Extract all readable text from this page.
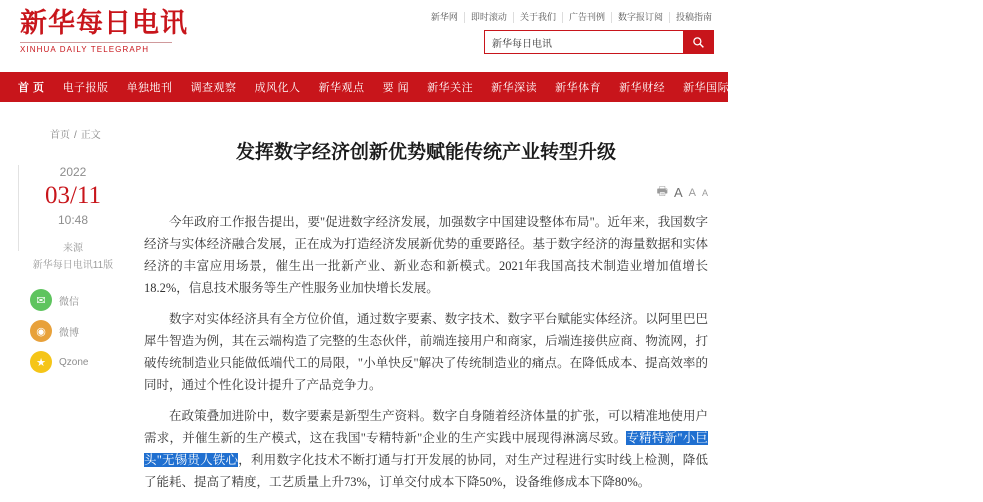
新华每日电讯
XINHUA DAILY TELEGRAPH
新华网	即时滚动	关于我们	广告刊例	数字报订阅	投稿指南
新华每日电讯
首 页	电子报版	单独地刊	调查观察	成风化人	新华观点	要 闻	新华关注	新华深读	新华体育	新华财经	新华国际	新华融媒	精彩专题	医卫健康	看天下
首页 / 正文
2022
03/11
10:48
来源
新华每日电讯11版
✉	微信
◉	微博
★	Qzone
发挥数字经济创新优势赋能传统产业转型升级
🖶 A A A

今年政府工作报告提出，要"促进数字经济发展，加强数字中国建设整体布局"。近年来，我国数字经济与实体经济融合发展，正在成为打造经济发展新优势的重要路径。基于数字经济的海量数据和实体经济的丰富应用场景，催生出一批新产业、新业态和新模式。2021年我国高技术制造业增加值增长18.2%，信息技术服务等生产性服务业加快增长发展。

数字对实体经济具有全方位价值，通过数字要素、数字技术、数字平台赋能实体经济。以阿里巴巴犀牛智造为例，其在云端构造了完整的生态伙伴，前端连接用户和商家，后端连接供应商、物流网，打破传统制造业只能做低端代工的局限，"小单快反"解决了传统制造业的痛点。在降低成本、提高效率的同时，通过个性化设计提升了产品竞争力。

在政策叠加进阶中，数字要素是新型生产资料。数字自身随着经济体量的扩张，可以精准地使用户需求，并催生新的生产模式，这在我国"专精特新"企业的生产实践中展现得淋漓尽致。专精特新"小巨头"无锡贵人铁心，利用数字化技术不断打通与打开发展的协同，对生产过程进行实时线上检测，降低了能耗、提高了精度，工艺质量上升73%，订单交付成本下降50%，设备维修成本下降80%。
